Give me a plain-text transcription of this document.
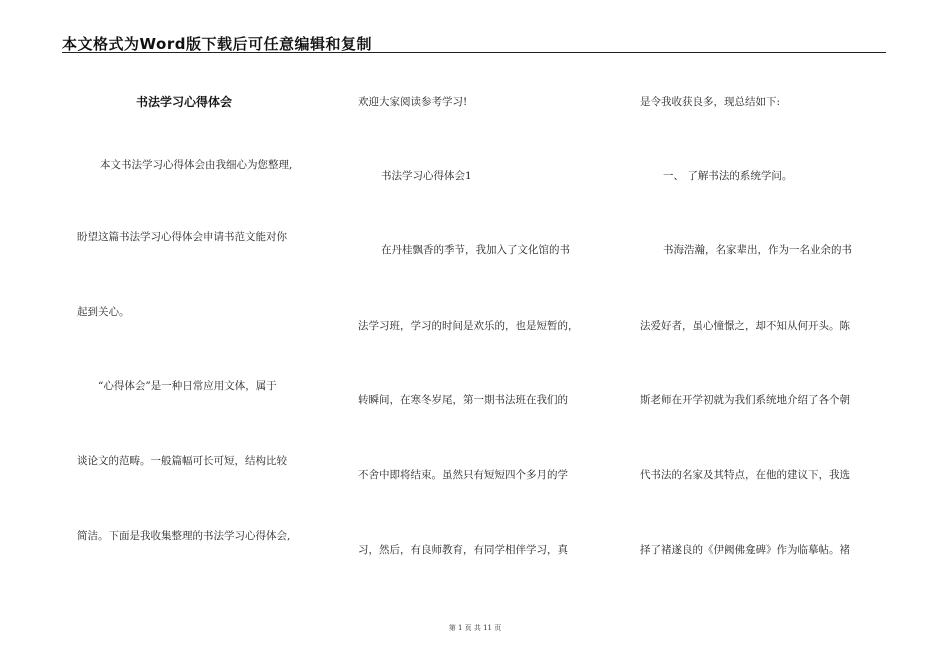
本文格式为Word版下载后可任意编辑和复制
书法学习心得体会
本文书法学习心得体会由我细心为您整理,
盼望这篇书法学习心得体会申请书范文能对你
起到关心。
“心得体会”是一种日常应用文体，属于
谈论文的范畴。一般篇幅可长可短，结构比较
简洁。下面是我收集整理的书法学习心得体会,
欢迎大家阅读参考学习!
书法学习心得体会1
在丹桂飘香的季节，我加入了文化馆的书
法学习班，学习的时间是欢乐的，也是短暂的，
转瞬间，在寒冬岁尾，第一期书法班在我们的
不舍中即将结束。虽然只有短短四个多月的学
习，然后，有良师教育，有同学相伴学习，真
是令我收获良多，现总结如下:
一、 了解书法的系统学问。
书海浩瀚，名家辈出，作为一名业余的书
法爱好者，虽心憧憬之，却不知从何开头。陈
斯老师在开学初就为我们系统地介绍了各个朝
代书法的名家及其特点，在他的建议下，我选
择了褚遂良的《伊阙佛龛碑》作为临摹帖。褚
第 1 页 共 11 页
